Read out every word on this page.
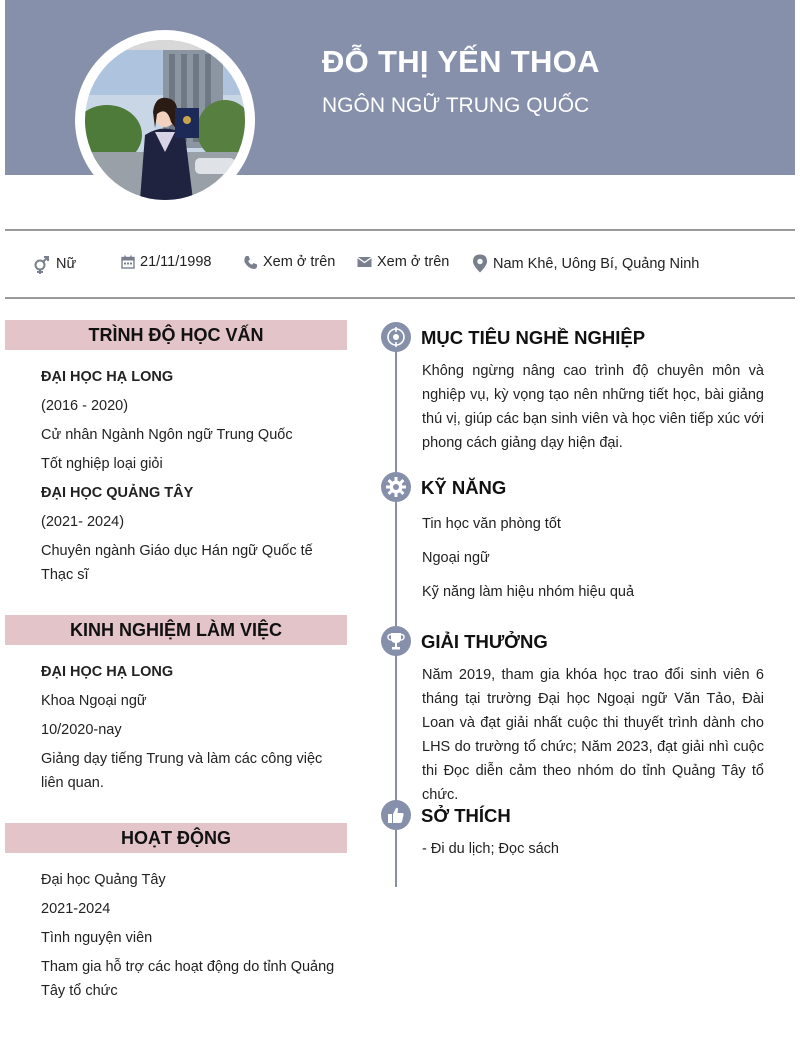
ĐỖ THỊ YẾN THOA
NGÔN NGỮ TRUNG QUỐC
Nữ	21/11/1998	Xem ở trên	Xem ở trên	Nam Khê, Uông Bí, Quảng Ninh
TRÌNH ĐỘ HỌC VẤN
ĐẠI HỌC HẠ LONG
(2016 - 2020)
Cử nhân Ngành Ngôn ngữ Trung Quốc
Tốt nghiệp loại giỏi
ĐẠI HỌC QUẢNG TÂY
(2021- 2024)
Chuyên ngành Giáo dục Hán ngữ Quốc tế
Thạc sĩ
KINH NGHIỆM LÀM VIỆC
ĐẠI HỌC HẠ LONG
Khoa Ngoại ngữ
10/2020-nay
Giảng dạy tiếng Trung và làm các công việc liên quan.
HOẠT ĐỘNG
Đại học Quảng Tây
2021-2024
Tình nguyện viên
Tham gia hỗ trợ các hoạt động do tỉnh Quảng Tây tổ chức
MỤC TIÊU NGHỀ NGHIỆP
Không ngừng nâng cao trình độ chuyên môn và nghiệp vụ, kỳ vọng tạo nên những tiết học, bài giảng thú vị, giúp các bạn sinh viên và học viên tiếp xúc với phong cách giảng dạy hiện đại.
KỸ NĂNG
Tin học văn phòng tốt
Ngoại ngữ
Kỹ năng làm hiệu nhóm hiệu quả
GIẢI THƯỞNG
Năm 2019, tham gia khóa học trao đổi sinh viên 6 tháng tại trường Đại học Ngoại ngữ Văn Tảo, Đài Loan và đạt giải nhất cuộc thi thuyết trình dành cho LHS do trường tổ chức; Năm 2023, đạt giải nhì cuộc thi Đọc diễn cảm theo nhóm do tỉnh Quảng Tây tổ chức.
SỞ THÍCH
- Đi du lịch; Đọc sách
